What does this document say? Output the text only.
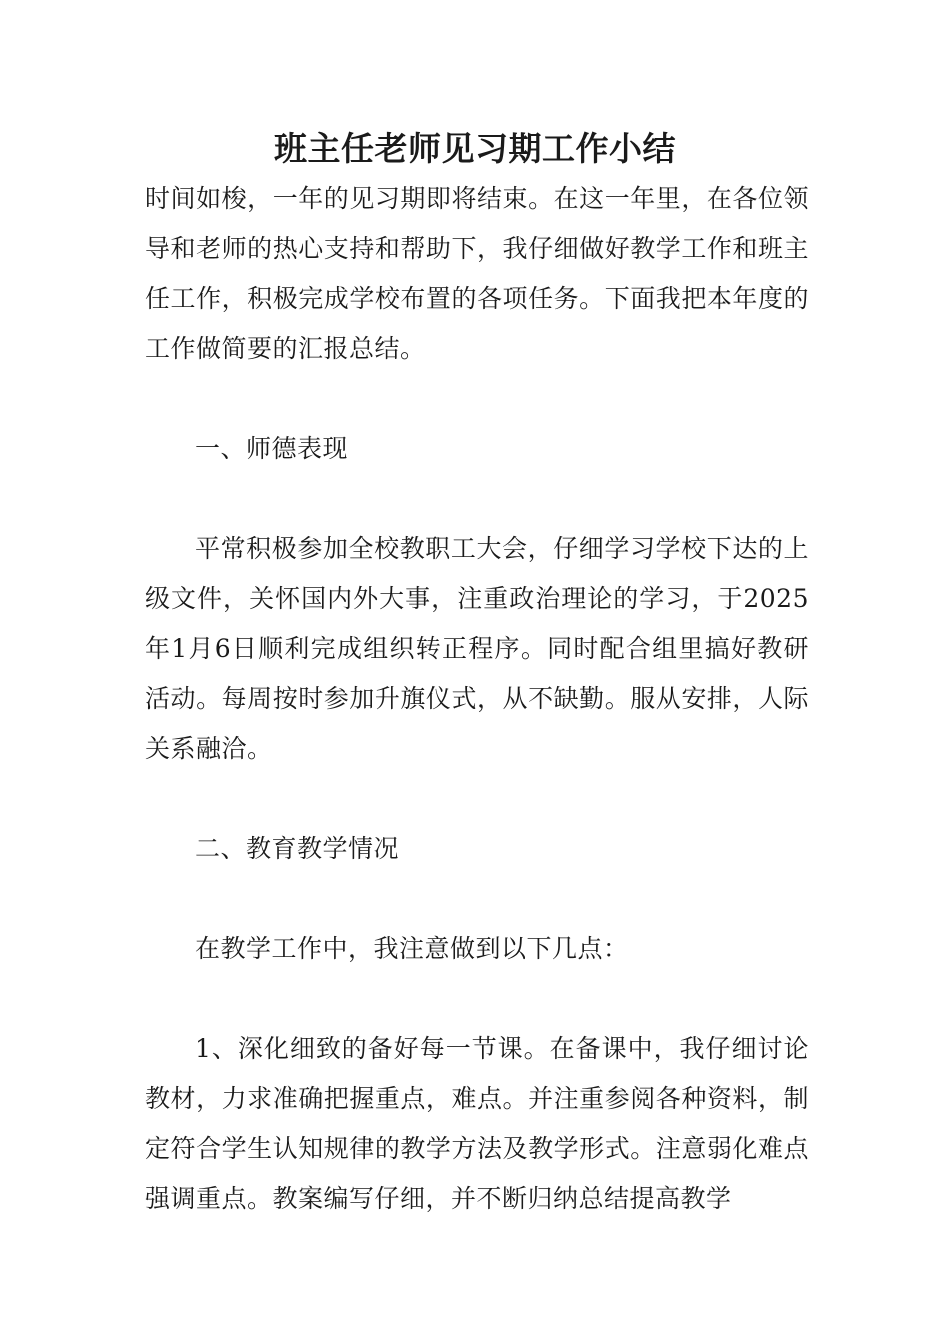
班主任老师见习期工作小结

时间如梭，一年的见习期即将结束。在这一年里，在各位领导和老师的热心支持和帮助下，我仔细做好教学工作和班主任工作，积极完成学校布置的各项任务。下面我把本年度的工作做简要的汇报总结。

一、师德表现

平常积极参加全校教职工大会，仔细学习学校下达的上级文件，关怀国内外大事，注重政治理论的学习，于2025年1月6日顺利完成组织转正程序。同时配合组里搞好教研活动。每周按时参加升旗仪式，从不缺勤。服从安排，人际关系融洽。

二、教育教学情况

在教学工作中，我注意做到以下几点：

1、深化细致的备好每一节课。在备课中，我仔细讨论教材，力求准确把握重点，难点。并注重参阅各种资料，制定符合学生认知规律的教学方法及教学形式。注意弱化难点强调重点。教案编写仔细，并不断归纳总结提高教学
